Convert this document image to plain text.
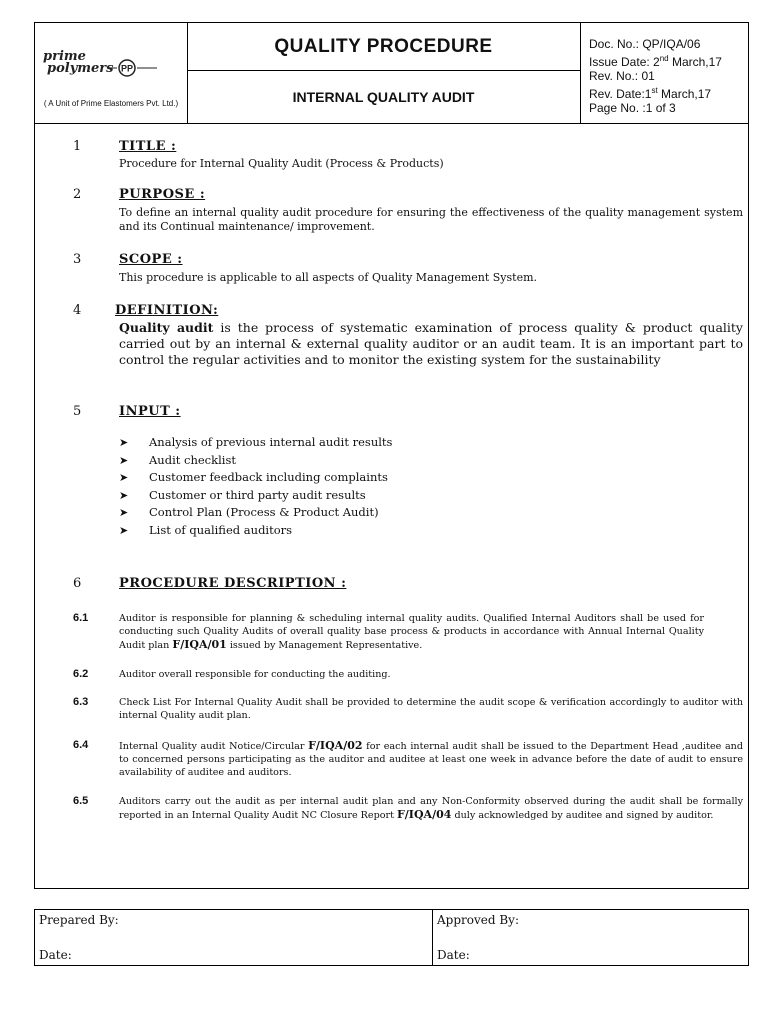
prime
polymers PP
( A Unit of Prime Elastomers Pvt. Ltd.)
QUALITY PROCEDURE
INTERNAL QUALITY AUDIT
Doc. No.: QP/IQA/06
Issue Date: 2nd March,17
Rev. No.: 01
Rev. Date:1st March,17
Page No. :1 of 3
1	TITLE :
Procedure for Internal Quality Audit (Process & Products)
2	PURPOSE :
To define an internal quality audit procedure for ensuring the effectiveness of the quality management system and its Continual maintenance/ improvement.
3	SCOPE :
This procedure is applicable to all aspects of Quality Management System.
4	DEFINITION:
Quality audit is the process of systematic examination of process quality & product quality carried out by an internal & external quality auditor or an audit team. It is an important part to control the regular activities and to monitor the existing system for the sustainability
5	INPUT :
➤ Analysis of previous internal audit results
➤ Audit checklist
➤ Customer feedback including complaints
➤ Customer or third party audit results
➤ Control Plan (Process & Product Audit)
➤ List of qualified auditors
6	PROCEDURE DESCRIPTION :
6.1	Auditor is responsible for planning & scheduling internal quality audits. Qualified Internal Auditors shall be used for conducting such Quality Audits of overall quality base process & products in accordance with Annual Internal Quality Audit plan F/IQA/01 issued by Management Representative.
6.2	Auditor overall responsible for conducting the auditing.
6.3	Check List For Internal Quality Audit shall be provided to determine the audit scope & verification accordingly to auditor with internal Quality audit plan.
6.4	Internal Quality audit Notice/Circular F/IQA/02 for each internal audit shall be issued to the Department Head ,auditee and to concerned persons participating as the auditor and auditee at least one week in advance before the date of audit to ensure availability of auditee and auditors.
6.5	Auditors carry out the audit as per internal audit plan and any Non-Conformity observed during the audit shall be formally reported in an Internal Quality Audit NC Closure Report F/IQA/04 duly acknowledged by auditee and signed by auditor.
Prepared By:
Date:
Approved By:
Date:
